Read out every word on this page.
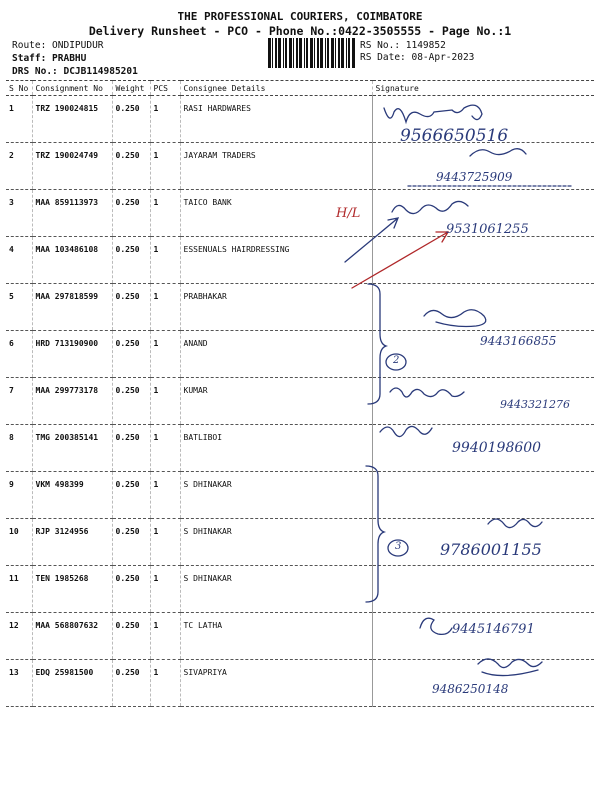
THE PROFESSIONAL COURIERS, COIMBATORE
Delivery Runsheet - PCO - Phone No.:0422-3505555 - Page No.:1
Route: ONDIPUDUR
Staff: PRABHU
DRS No.: DCJB114985201
RS No.: 1149852
RS Date: 08-Apr-2023
S No	Consignment No	Weight	PCS	Consignee Details	Signature
1	TRZ 190024815	0.250	1	RASI HARDWARES	
2	TRZ 190024749	0.250	1	JAYARAM TRADERS	
3	MAA 859113973	0.250	1	TAICO BANK	
4	MAA 103486108	0.250	1	ESSENUALS HAIRDRESSING	
5	MAA 297818599	0.250	1	PRABHAKAR	
6	HRD 713190900	0.250	1	ANAND	
7	MAA 299773178	0.250	1	KUMAR	
8	TMG 200385141	0.250	1	BATLIBOI	
9	VKM 498399	0.250	1	S DHINAKAR	
10	RJP 3124956	0.250	1	S DHINAKAR	
11	TEN 1985268	0.250	1	S DHINAKAR	
12	MAA 568807632	0.250	1	TC LATHA	
13	EDQ 25981500	0.250	1	SIVAPRIYA	
9566650516
9443725909
H/L
9531061255
2
9443166855
9443321276
9940198600
3 9786001155
9445146791
9486250148
